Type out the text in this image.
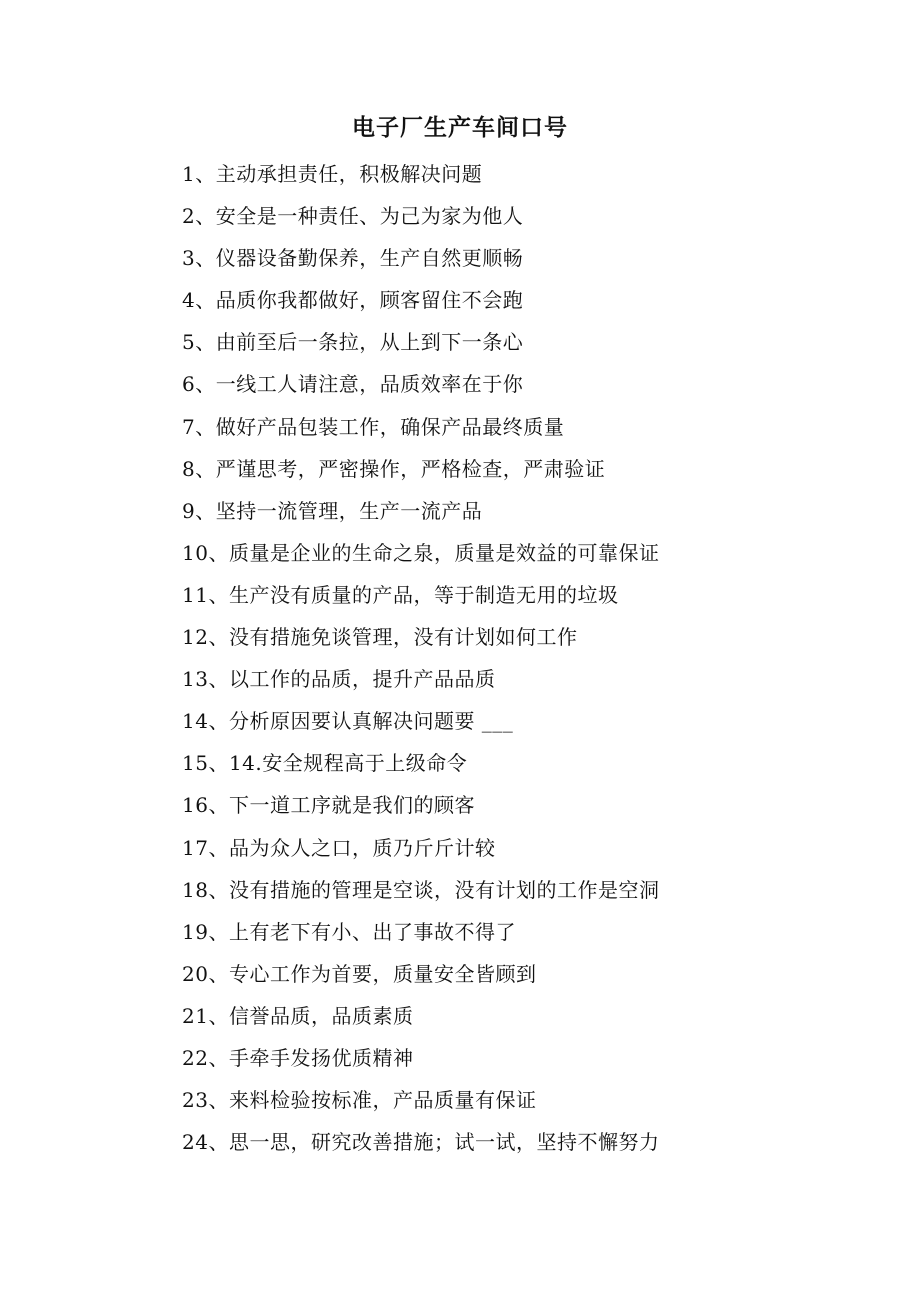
电子厂生产车间口号
1、主动承担责任，积极解决问题
2、安全是一种责任、为己为家为他人
3、仪器设备勤保养，生产自然更顺畅
4、品质你我都做好，顾客留住不会跑
5、由前至后一条拉，从上到下一条心
6、一线工人请注意，品质效率在于你
7、做好产品包装工作，确保产品最终质量
8、严谨思考，严密操作，严格检查，严肃验证
9、坚持一流管理，生产一流产品
10、质量是企业的生命之泉，质量是效益的可靠保证
11、生产没有质量的产品，等于制造无用的垃圾
12、没有措施免谈管理，没有计划如何工作
13、以工作的品质，提升产品品质
14、分析原因要认真解决问题要 ___
15、14.安全规程高于上级命令
16、下一道工序就是我们的顾客
17、品为众人之口，质乃斤斤计较
18、没有措施的管理是空谈，没有计划的工作是空洞
19、上有老下有小、出了事故不得了
20、专心工作为首要，质量安全皆顾到
21、信誉品质，品质素质
22、手牵手发扬优质精神
23、来料检验按标准，产品质量有保证
24、思一思，研究改善措施；试一试，坚持不懈努力
